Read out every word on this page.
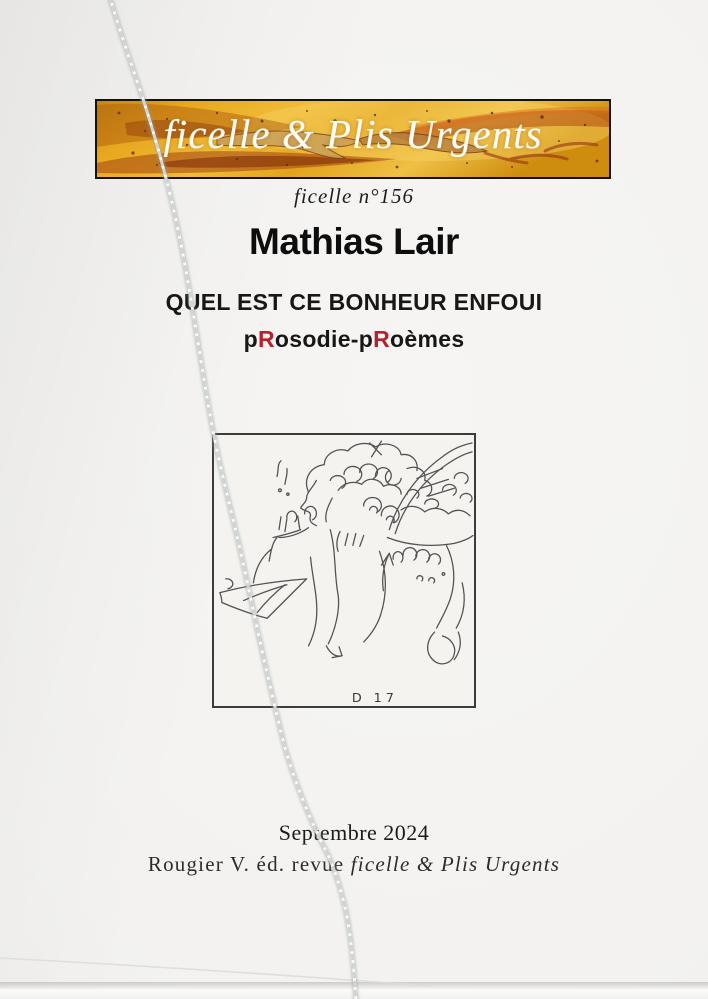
ficelle & Plis Urgents
ficelle n°156
Mathias Lair
QUEL EST CE BONHEUR ENFOUI
pRosodie-pRoèmes
D 17
Septembre 2024
Rougier V. éd. revue ficelle & Plis Urgents
